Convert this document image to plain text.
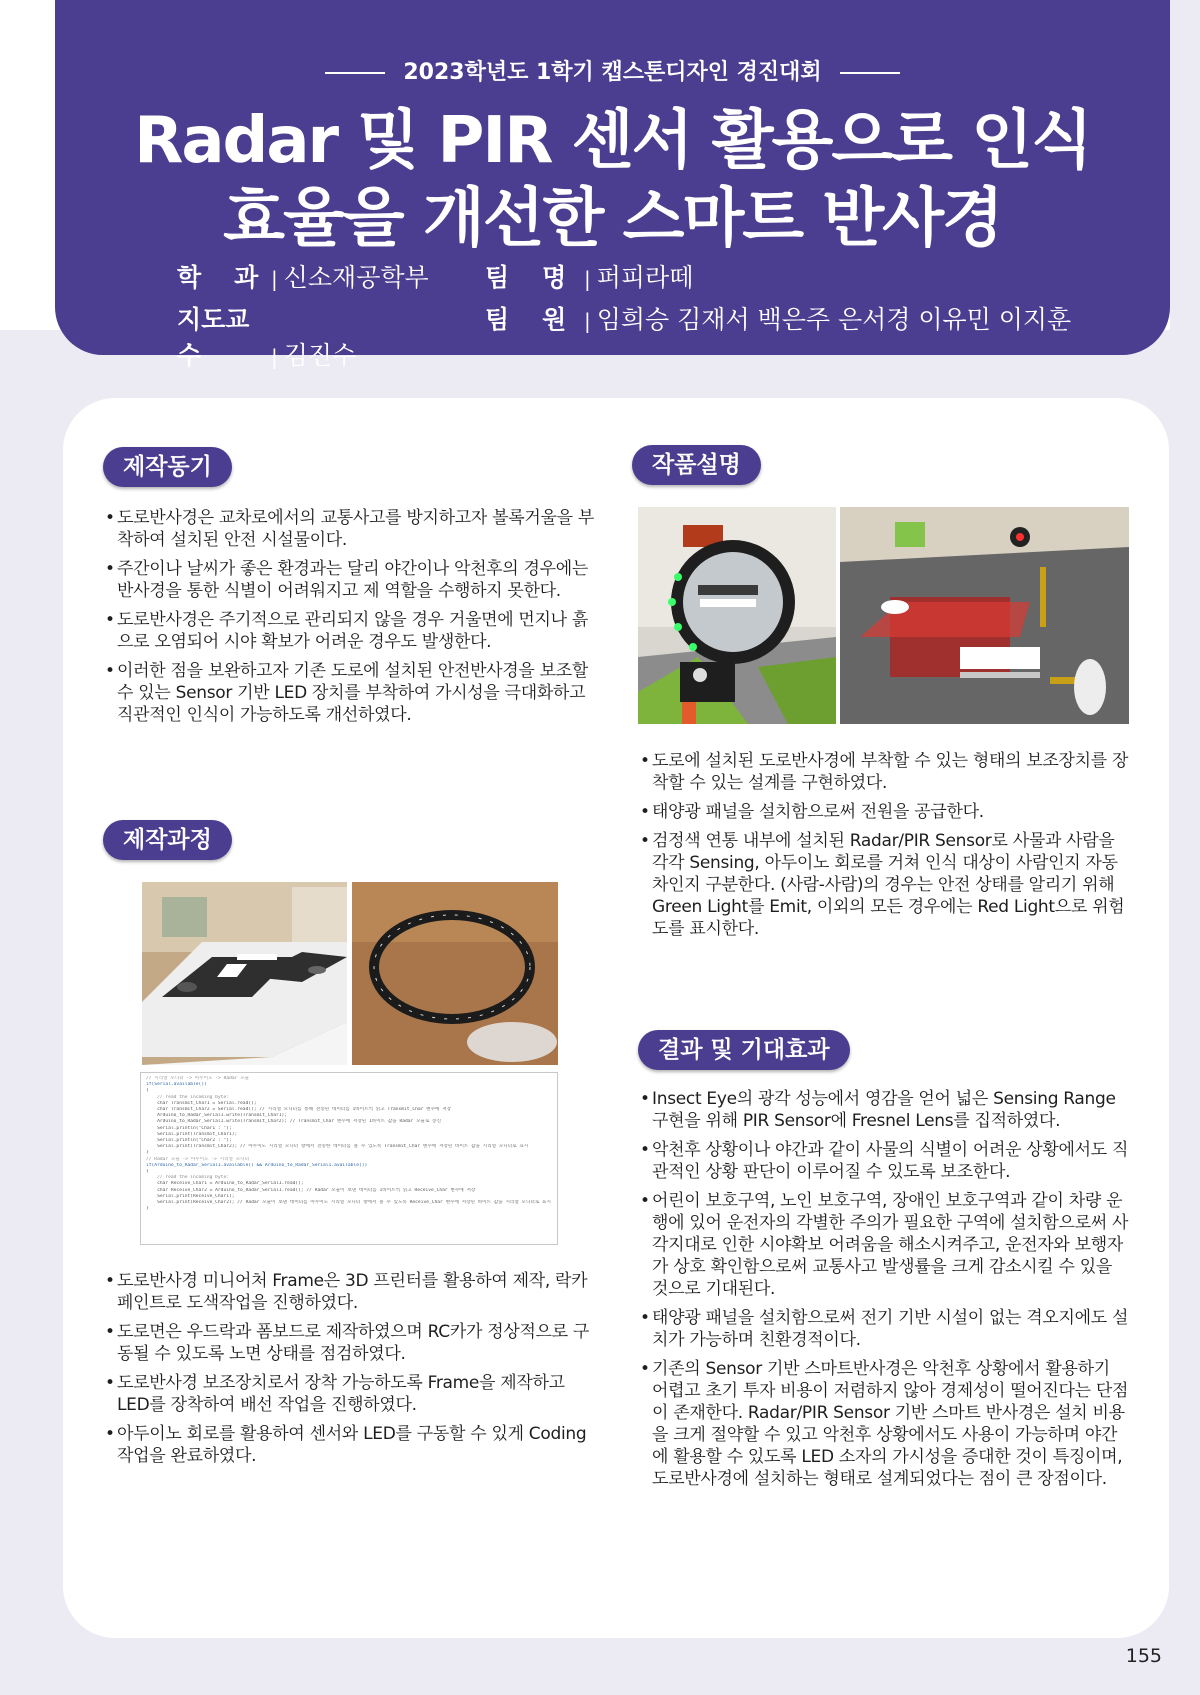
2023학년도 1학기 캡스톤디자인 경진대회
Radar 및 PIR 센서 활용으로 인식
효율을 개선한 스마트 반사경
학　과 | 신소재공학부
지도교수	| 김진수
팀　명 | 퍼피라떼
팀　원 | 임희승 김재서 백은주 은서경 이유민 이지훈
제작동기
• 도로반사경은 교차로에서의 교통사고를 방지하고자 볼록거울을 부착하여 설치된 안전 시설물이다.
• 주간이나 날씨가 좋은 환경과는 달리 야간이나 악천후의 경우에는 반사경을 통한 식별이 어려워지고 제 역할을 수행하지 못한다.
• 도로반사경은 주기적으로 관리되지 않을 경우 거울면에 먼지나 흙으로 오염되어 시야 확보가 어려운 경우도 발생한다.
• 이러한 점을 보완하고자 기존 도로에 설치된 안전반사경을 보조할 수 있는 Sensor 기반 LED 장치를 부착하여 가시성을 극대화하고 직관적인 인식이 가능하도록 개선하였다.
제작과정
// 시리얼 모니터 -> 아두이노 -> Radar 모듈
if(Serial.available())
{
// read the incoming byte:
char Transmit_Char1 = Serial.read();
char Transmit_Char2 = Serial.read(); // 시리얼 모니터를 통해 전송된 데이터를 1바이트씩 읽고 Transmit_Char 변수에 저장
Arduino_to_Radar_Serial1.write(Transmit_Char1);
Arduino_to_Radar_Serial1.write(Transmit_Char2); // Transmit_Char 변수에 저장된 1바이트 값을 Radar 모듈로 송신
Serial.println("Char1 : ");
Serial.print(Transmit_Char1);
Serial.println("Char2 : ");
Serial.print(Transmit_Char2); // 아두이노 시리얼 모니터 창에서 전송한 데이터를 볼 수 있도록 Transmit_Char 변수에 저장된 바이트 값을 시리얼 모니터로 표시
}
// Radar 모듈 -> 아두이노 -> 시리얼 모니터
if(Arduino_to_Radar_Serial1.available() && Arduino_to_Radar_Serial1.available())
{
// read the incoming byte:
char Receive_Char1 = Arduino_to_Radar_Serial1.read();
char Receive_Char2 = Arduino_to_Radar_Serial1.read(); // Radar 모듈이 보낸 데이터를 1바이트씩 읽고 Receive_Char 변수에 저장
Serial.print(Receive_Char1);
Serial.print(Receive_Char2); // Radar 모듈이 보낸 데이터를 아두이노 시리얼 모니터 창에서 볼 수 있도록 Receive_Char 변수에 저장된 바이트 값을 시리얼 모니터로 표시
}
• 도로반사경 미니어처 Frame은 3D 프린터를 활용하여 제작, 락카 페인트로 도색작업을 진행하였다.
• 도로면은 우드락과 폼보드로 제작하였으며 RC카가 정상적으로 구동될 수 있도록 노면 상태를 점검하였다.
• 도로반사경 보조장치로서 장착 가능하도록 Frame을 제작하고 LED를 장착하여 배선 작업을 진행하였다.
• 아두이노 회로를 활용하여 센서와 LED를 구동할 수 있게 Coding 작업을 완료하였다.
작품설명
• 도로에 설치된 도로반사경에 부착할 수 있는 형태의 보조장치를 장착할 수 있는 설계를 구현하였다.
• 태양광 패널을 설치함으로써 전원을 공급한다.
• 검정색 연통 내부에 설치된 Radar/PIR Sensor로 사물과 사람을 각각 Sensing, 아두이노 회로를 거쳐 인식 대상이 사람인지 자동차인지 구분한다. (사람-사람)의 경우는 안전 상태를 알리기 위해 Green Light를 Emit, 이외의 모든 경우에는 Red Light으로 위험도를 표시한다.
결과 및 기대효과
• Insect Eye의 광각 성능에서 영감을 얻어 넓은 Sensing Range 구현을 위해 PIR Sensor에 Fresnel Lens를 집적하였다.
• 악천후 상황이나 야간과 같이 사물의 식별이 어려운 상황에서도 직관적인 상황 판단이 이루어질 수 있도록 보조한다.
• 어린이 보호구역, 노인 보호구역, 장애인 보호구역과 같이 차량 운행에 있어 운전자의 각별한 주의가 필요한 구역에 설치함으로써 사각지대로 인한 시야확보 어려움을 해소시켜주고, 운전자와 보행자가 상호 확인함으로써 교통사고 발생률을 크게 감소시킬 수 있을 것으로 기대된다.
• 태양광 패널을 설치함으로써 전기 기반 시설이 없는 격오지에도 설치가 가능하며 친환경적이다.
• 기존의 Sensor 기반 스마트반사경은 악천후 상황에서 활용하기 어렵고 초기 투자 비용이 저렴하지 않아 경제성이 떨어진다는 단점이 존재한다. Radar/PIR Sensor 기반 스마트 반사경은 설치 비용을 크게 절약할 수 있고 악천후 상황에서도 사용이 가능하며 야간에 활용할 수 있도록 LED 소자의 가시성을 증대한 것이 특징이며, 도로반사경에 설치하는 형태로 설계되었다는 점이 큰 장점이다.
155
